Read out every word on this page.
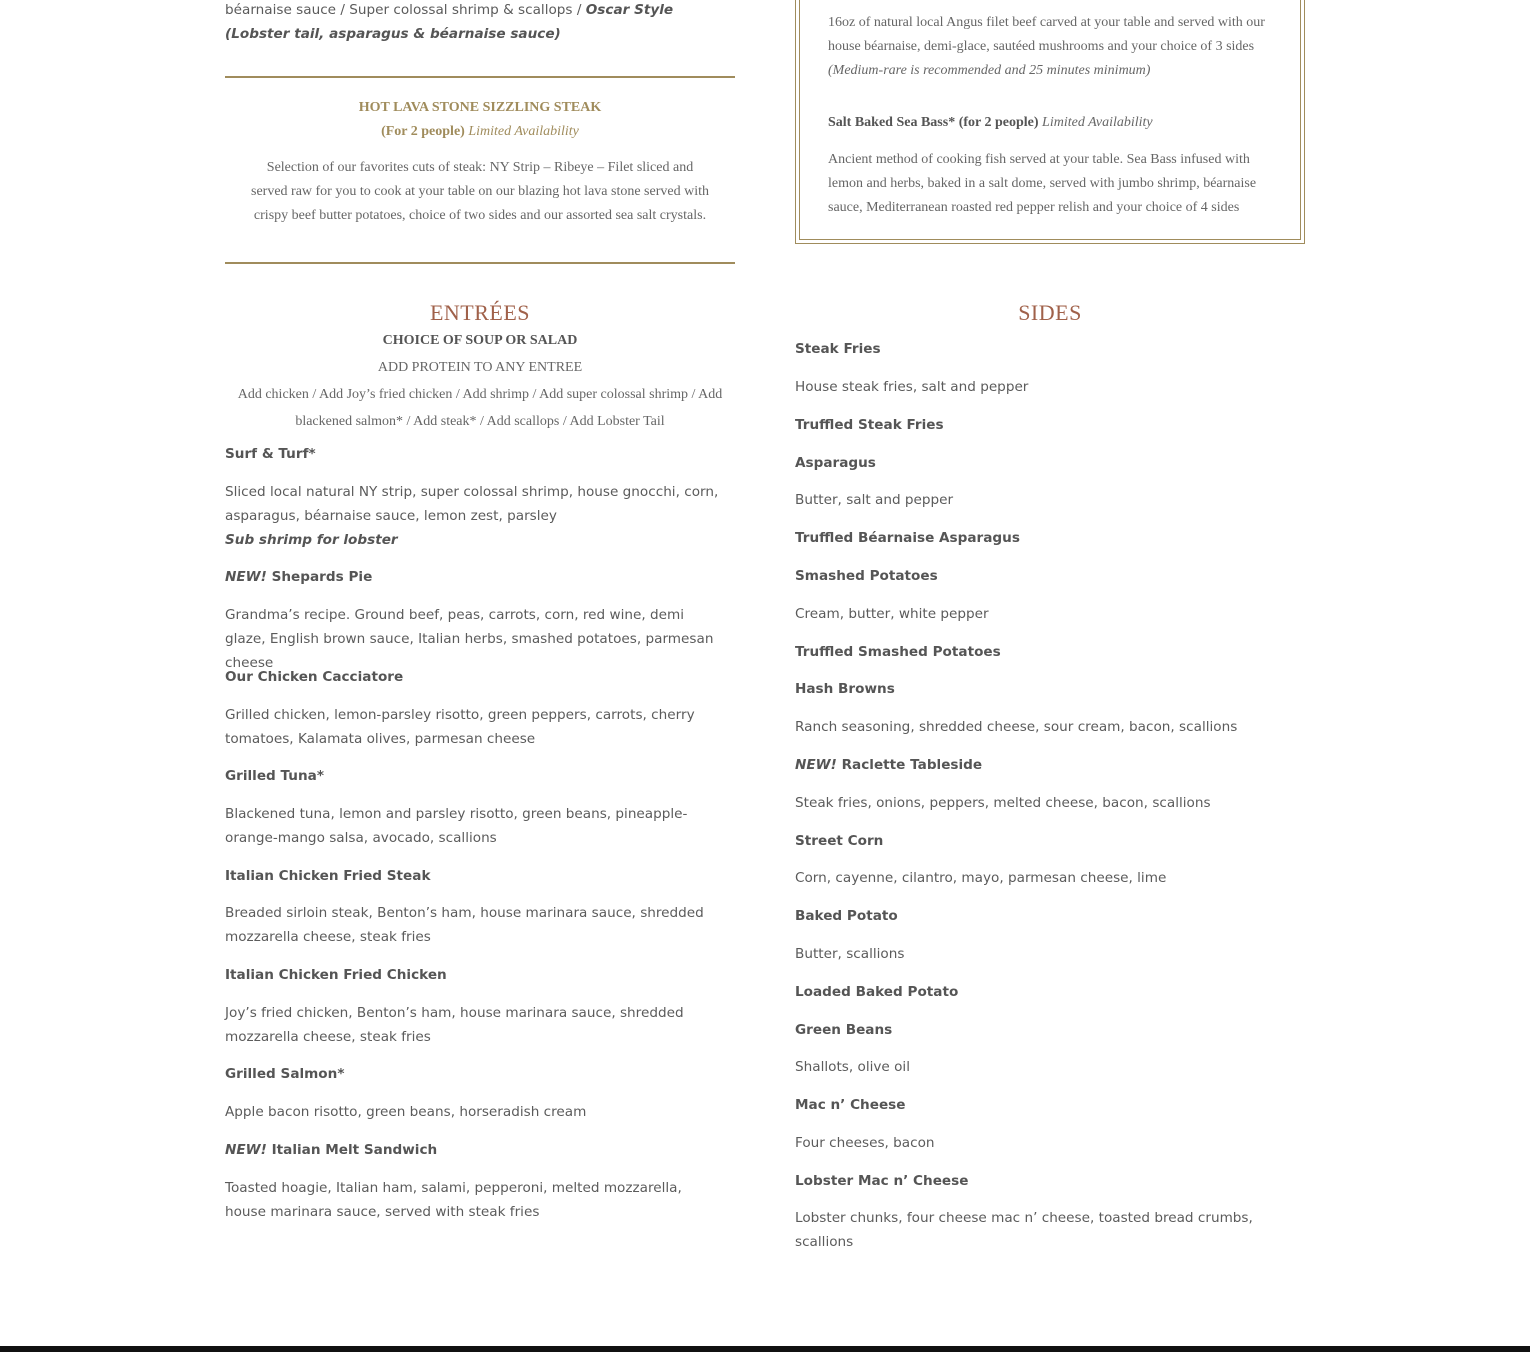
béarnaise sauce / Super colossal shrimp & scallops / Oscar Style (Lobster tail, asparagus & béarnaise sauce)
HOT LAVA STONE SIZZLING STEAK
(For 2 people) Limited Availability
Selection of our favorites cuts of steak: NY Strip – Ribeye – Filet sliced and served raw for you to cook at your table on our blazing hot lava stone served with crispy beef butter potatoes, choice of two sides and our assorted sea salt crystals.
ENTRÉES
CHOICE OF SOUP OR SALAD
ADD PROTEIN TO ANY ENTREE
Add chicken / Add Joy’s fried chicken / Add shrimp / Add super colossal shrimp / Add blackened salmon* / Add steak* / Add scallops / Add Lobster Tail
Surf & Turf*
Sliced local natural NY strip, super colossal shrimp, house gnocchi, corn, asparagus, béarnaise sauce, lemon zest, parsley
Sub shrimp for lobster
NEW! Shepards Pie
Grandma’s recipe. Ground beef, peas, carrots, corn, red wine, demi glaze, English brown sauce, Italian herbs, smashed potatoes, parmesan cheese
Our Chicken Cacciatore
Grilled chicken, lemon-parsley risotto, green peppers, carrots, cherry tomatoes, Kalamata olives, parmesan cheese
Grilled Tuna*
Blackened tuna, lemon and parsley risotto, green beans, pineapple-orange-mango salsa, avocado, scallions
Italian Chicken Fried Steak
Breaded sirloin steak, Benton’s ham, house marinara sauce, shredded mozzarella cheese, steak fries
Italian Chicken Fried Chicken
Joy’s fried chicken, Benton’s ham, house marinara sauce, shredded mozzarella cheese, steak fries
Grilled Salmon*
Apple bacon risotto, green beans, horseradish cream
NEW! Italian Melt Sandwich
Toasted hoagie, Italian ham, salami, pepperoni, melted mozzarella, house marinara sauce, served with steak fries
16oz of natural local Angus filet beef carved at your table and served with our house béarnaise, demi-glace, sautéed mushrooms and your choice of 3 sides
(Medium-rare is recommended and 25 minutes minimum)
Salt Baked Sea Bass* (for 2 people) Limited Availability
Ancient method of cooking fish served at your table. Sea Bass infused with lemon and herbs, baked in a salt dome, served with jumbo shrimp, béarnaise sauce, Mediterranean roasted red pepper relish and your choice of 4 sides
SIDES
Steak Fries
House steak fries, salt and pepper
Truffled Steak Fries
Asparagus
Butter, salt and pepper
Truffled Béarnaise Asparagus
Smashed Potatoes
Cream, butter, white pepper
Truffled Smashed Potatoes
Hash Browns
Ranch seasoning, shredded cheese, sour cream, bacon, scallions
NEW! Raclette Tableside
Steak fries, onions, peppers, melted cheese, bacon, scallions
Street Corn
Corn, cayenne, cilantro, mayo, parmesan cheese, lime
Baked Potato
Butter, scallions
Loaded Baked Potato
Green Beans
Shallots, olive oil
Mac n’ Cheese
Four cheeses, bacon
Lobster Mac n’ Cheese
Lobster chunks, four cheese mac n’ cheese, toasted bread crumbs, scallions
